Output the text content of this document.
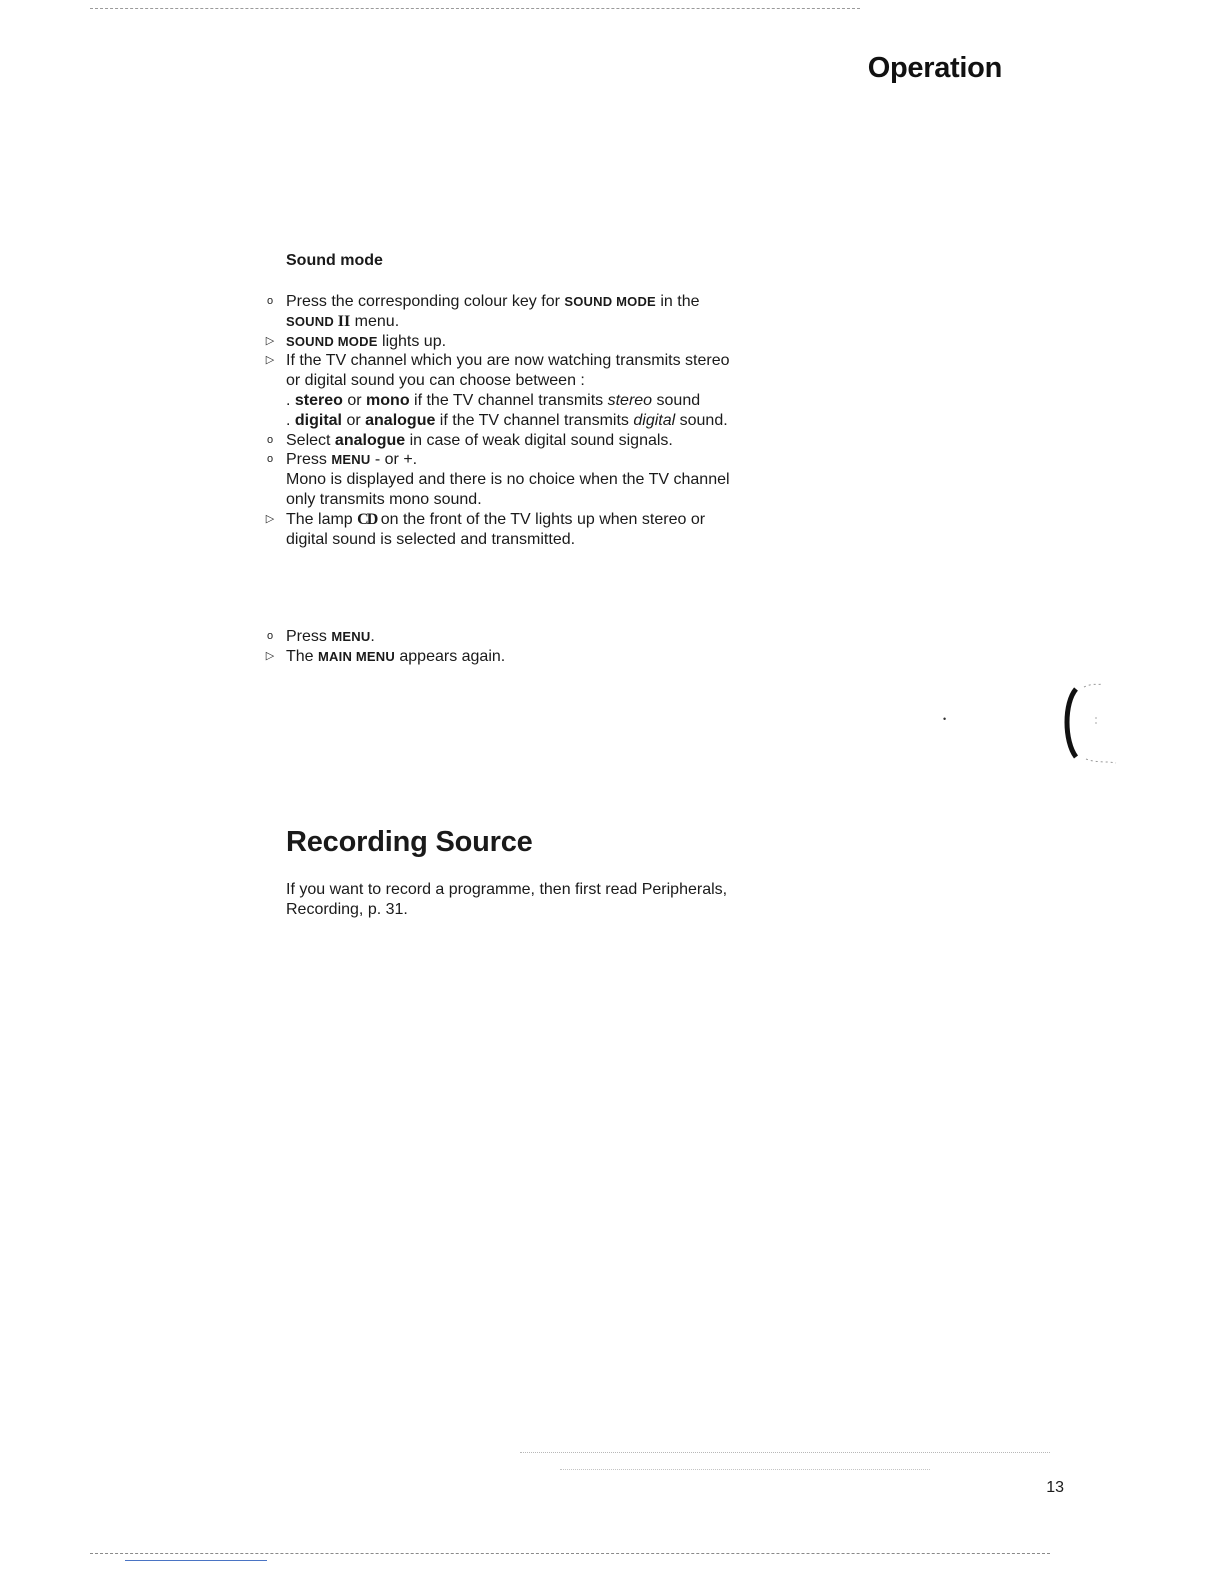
Operation

Sound mode

o Press the corresponding colour key for SOUND MODE in the
SOUND II menu.
▷ SOUND MODE lights up.
▷ If the TV channel which you are now watching transmits stereo
or digital sound you can choose between :
. stereo or mono if the TV channel transmits stereo sound
. digital or analogue if the TV channel transmits digital sound.
o Select analogue in case of weak digital sound signals.
o Press MENU - or +.
Mono is displayed and there is no choice when the TV channel
only transmits mono sound.
▷ The lamp CD on the front of the TV lights up when stereo or
digital sound is selected and transmitted.
o Press MENU.
▷ The MAIN MENU appears again.
•
Recording Source

If you want to record a programme, then first read Peripherals,
Recording, p. 31.

13
